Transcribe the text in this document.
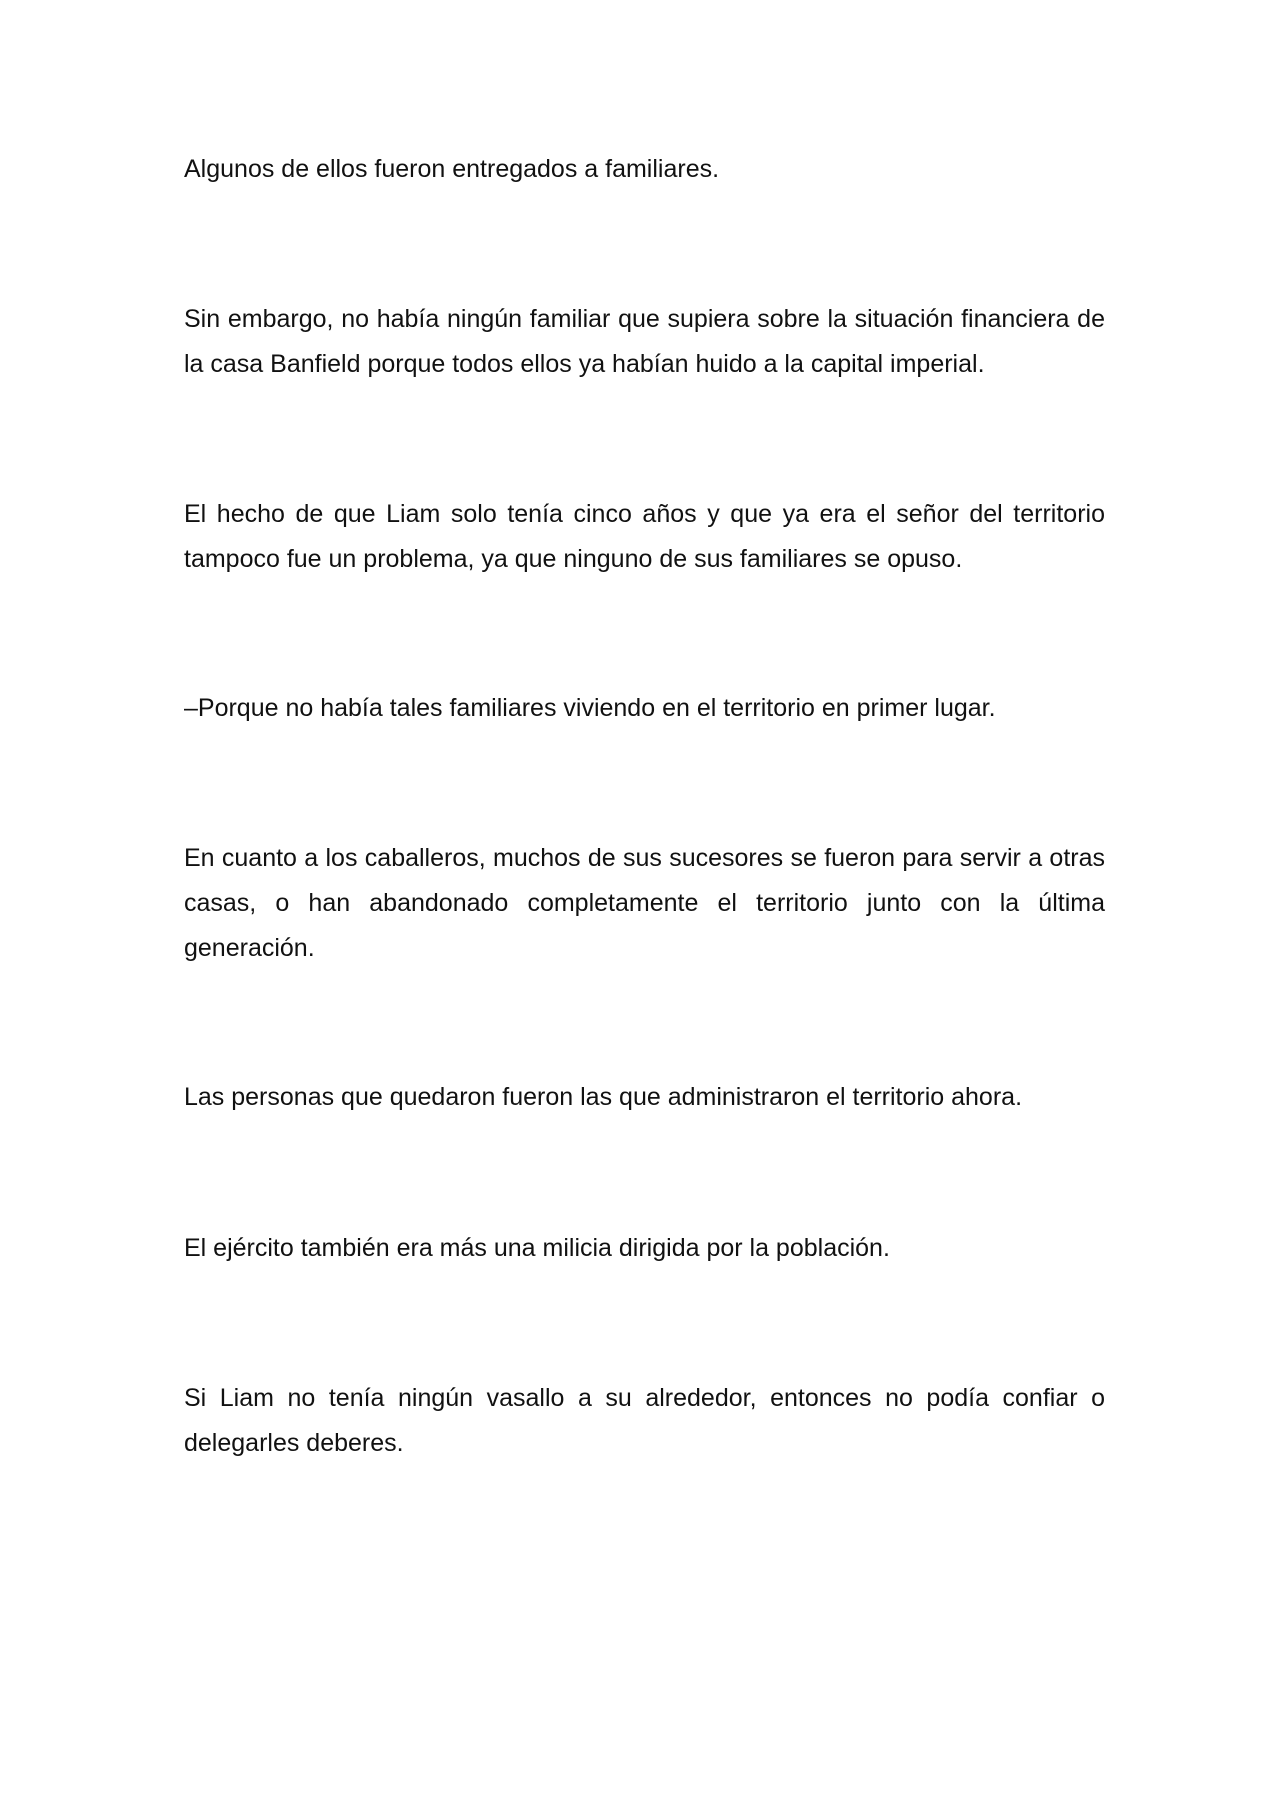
Algunos de ellos fueron entregados a familiares.

Sin embargo, no había ningún familiar que supiera sobre la situación financiera de la casa Banfield porque todos ellos ya habían huido a la capital imperial.

El hecho de que Liam solo tenía cinco años y que ya era el señor del territorio tampoco fue un problema, ya que ninguno de sus familiares se opuso.

–Porque no había tales familiares viviendo en el territorio en primer lugar.

En cuanto a los caballeros, muchos de sus sucesores se fueron para servir a otras casas, o han abandonado completamente el territorio junto con la última generación.

Las personas que quedaron fueron las que administraron el territorio ahora.

El ejército también era más una milicia dirigida por la población.

Si Liam no tenía ningún vasallo a su alrededor, entonces no podía confiar o delegarles deberes.
